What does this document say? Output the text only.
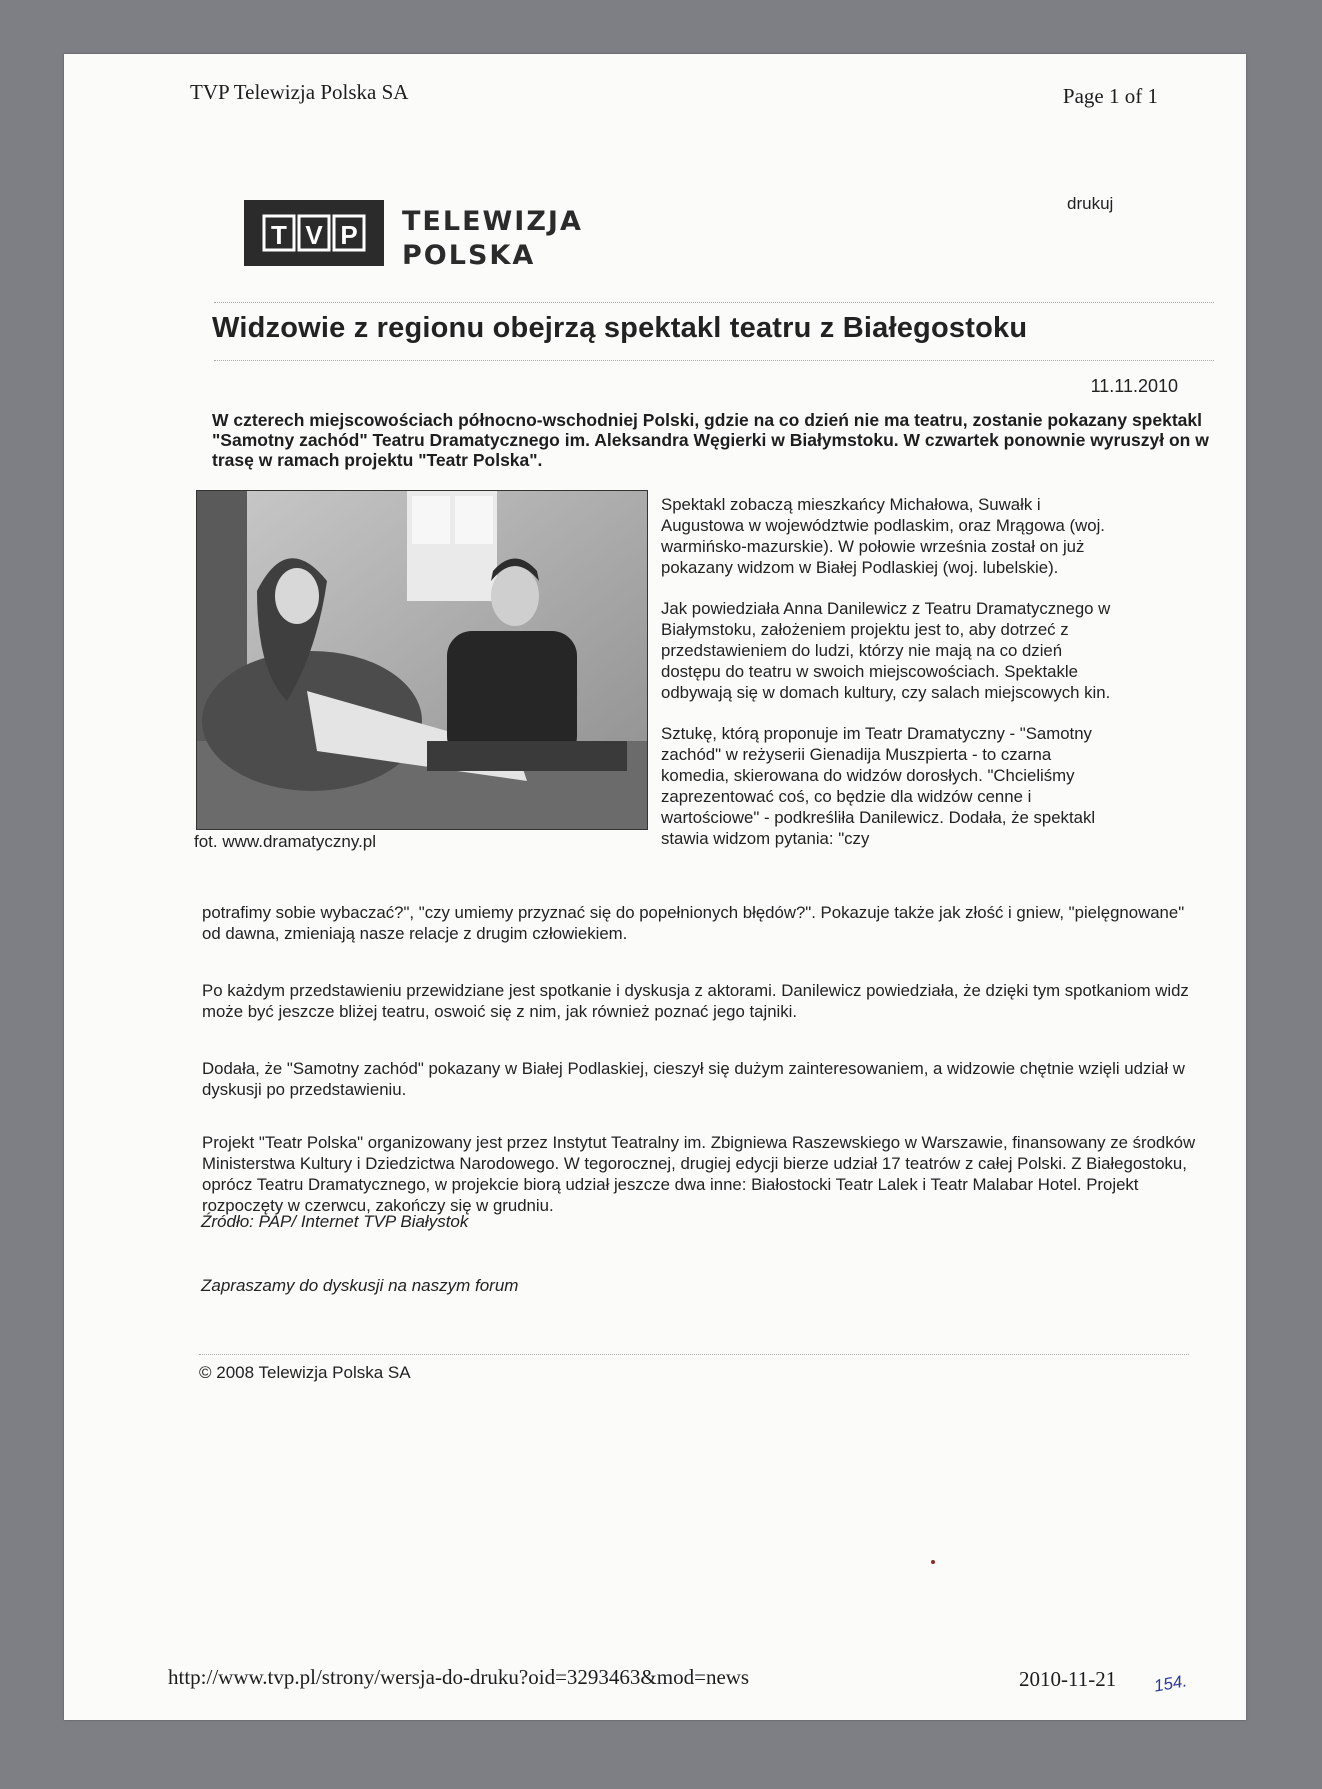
TVP Telewizja Polska SA	Page 1 of 1
T V P TELEWIZJA
POLSKA
drukuj
Widzowie z regionu obejrzą spektakl teatru z Białegostoku
11.11.2010
W czterech miejscowościach północno-wschodniej Polski, gdzie na co dzień nie ma teatru, zostanie pokazany spektakl "Samotny zachód" Teatru Dramatycznego im. Aleksandra Węgierki w Białymstoku. W czwartek ponownie wyruszył on w trasę w ramach projektu "Teatr Polska".
fot. www.dramatyczny.pl

Spektakl zobaczą mieszkańcy Michałowa, Suwałk i Augustowa w województwie podlaskim, oraz Mrągowa (woj. warmińsko-mazurskie). W połowie września został on już pokazany widzom w Białej Podlaskiej (woj. lubelskie).

Jak powiedziała Anna Danilewicz z Teatru Dramatycznego w Białymstoku, założeniem projektu jest to, aby dotrzeć z przedstawieniem do ludzi, którzy nie mają na co dzień dostępu do teatru w swoich miejscowościach. Spektakle odbywają się w domach kultury, czy salach miejscowych kin.

Sztukę, którą proponuje im Teatr Dramatyczny - "Samotny zachód" w reżyserii Gienadija Muszpierta - to czarna komedia, skierowana do widzów dorosłych. "Chcieliśmy zaprezentować coś, co będzie dla widzów cenne i wartościowe" - podkreśliła Danilewicz. Dodała, że spektakl stawia widzom pytania: "czy

potrafimy sobie wybaczać?", "czy umiemy przyznać się do popełnionych błędów?". Pokazuje także jak złość i gniew, "pielęgnowane" od dawna, zmieniają nasze relacje z drugim człowiekiem.
Po każdym przedstawieniu przewidziane jest spotkanie i dyskusja z aktorami. Danilewicz powiedziała, że dzięki tym spotkaniom widz może być jeszcze bliżej teatru, oswoić się z nim, jak również poznać jego tajniki.
Dodała, że "Samotny zachód" pokazany w Białej Podlaskiej, cieszył się dużym zainteresowaniem, a widzowie chętnie wzięli udział w dyskusji po przedstawieniu.
Projekt "Teatr Polska" organizowany jest przez Instytut Teatralny im. Zbigniewa Raszewskiego w Warszawie, finansowany ze środków Ministerstwa Kultury i Dziedzictwa Narodowego. W tegorocznej, drugiej edycji bierze udział 17 teatrów z całej Polski. Z Białegostoku, oprócz Teatru Dramatycznego, w projekcie biorą udział jeszcze dwa inne: Białostocki Teatr Lalek i Teatr Malabar Hotel. Projekt rozpoczęty w czerwcu, zakończy się w grudniu.
Źródło: PAP/ Internet TVP Białystok
Zapraszamy do dyskusji na naszym forum
© 2008 Telewizja Polska SA
http://www.tvp.pl/strony/wersja-do-druku?oid=3293463&mod=news	2010-11-21 154.
